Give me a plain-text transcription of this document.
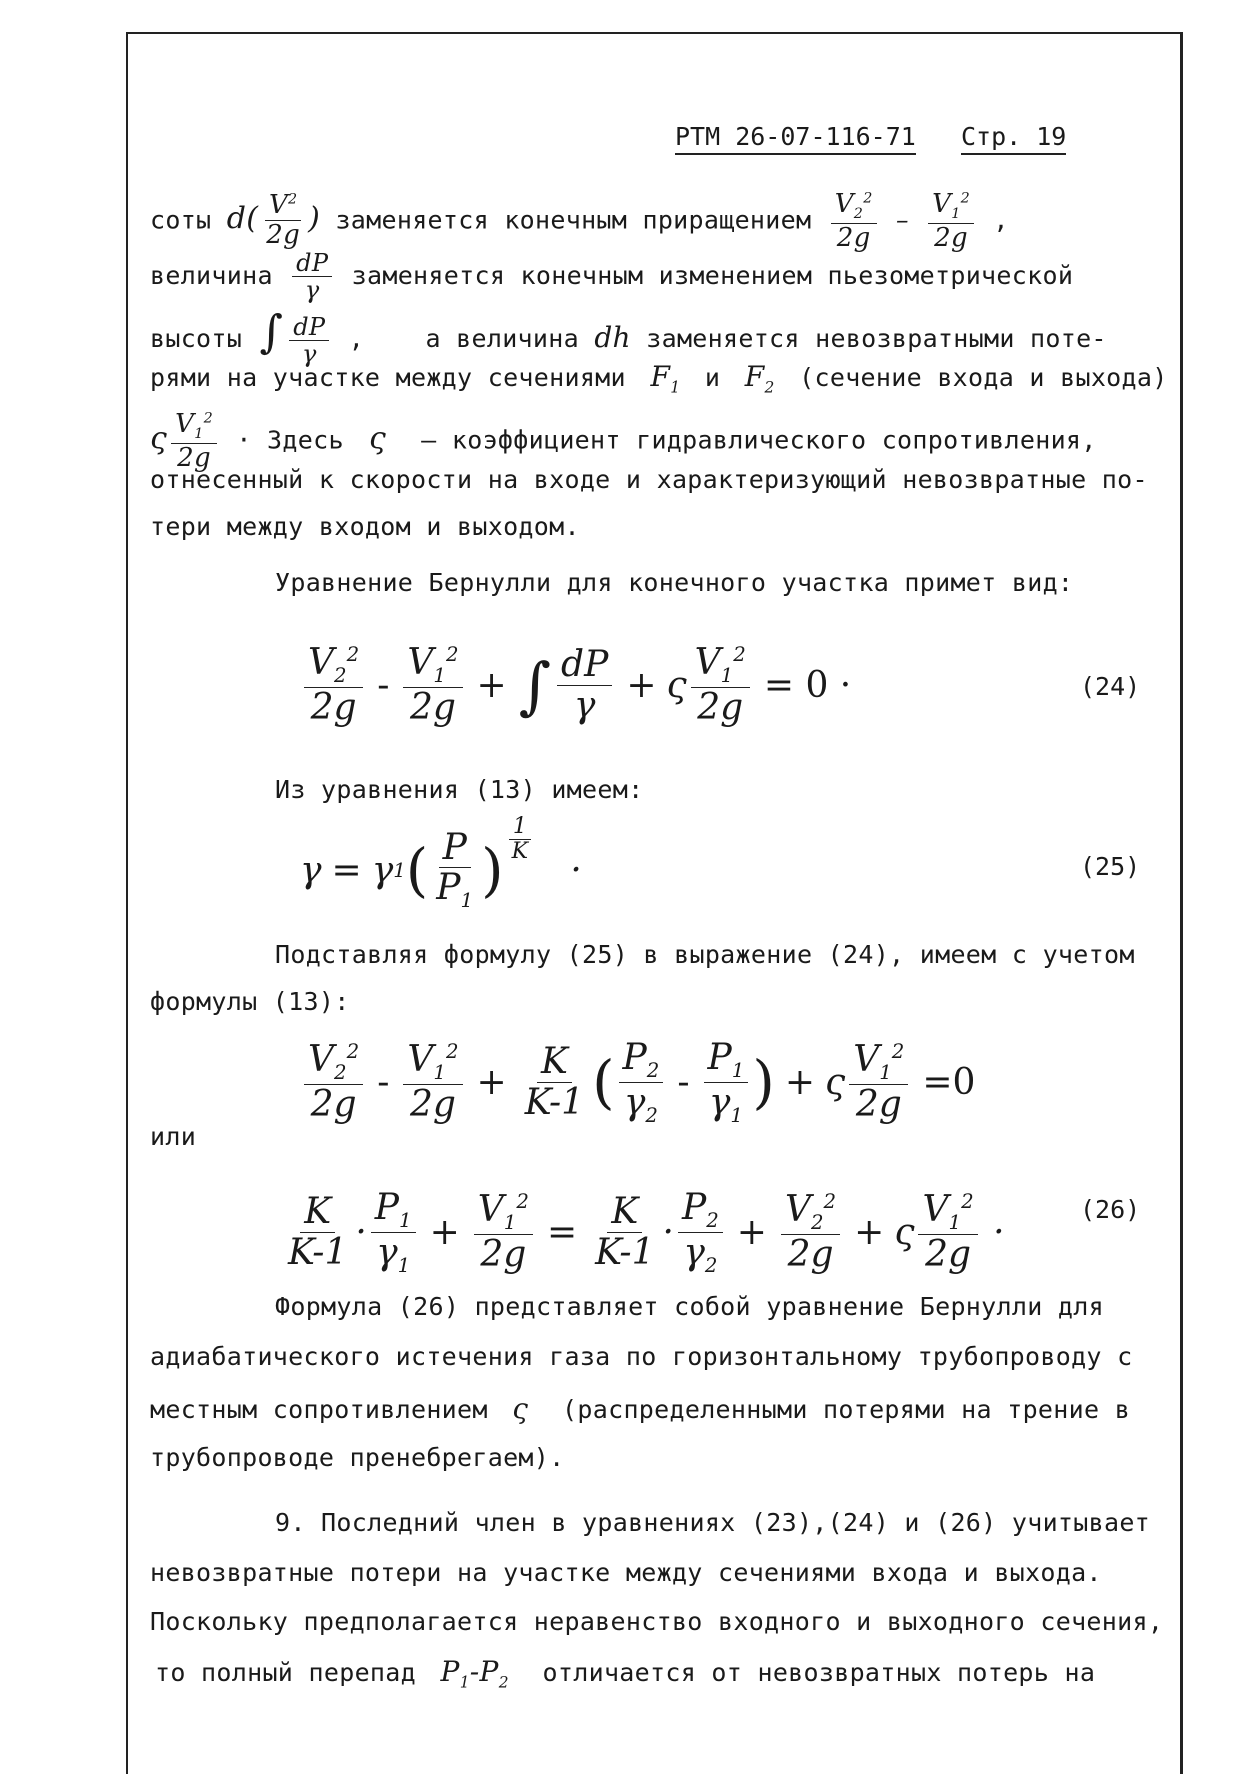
РТМ 26-07-116-71 Стр. 19
соты $d( \frac{V^2}{2g}$ ) заменяется конечным приращением $\frac{V_2^2}{2g} - \frac{V_1^2}{2g}$ ,
величина $\frac{dP}{\gamma}$ заменяется конечным изменением пьезометрической
высоты ∫ $\frac{dP}{\gamma}$ ,    а величина dh заменяется невозвратными поте-
рями на участке между сечениями  $F_1$ и  $F_2$ (сечение входа и выхода)
ς $\frac{V_1^2}{2g}$ · Здесь  ς   – коэффициент гидравлического сопротивления,
отнесенный к скорости на входе и характеризующий невозвратные по-
тери между входом и выходом.
Уравнение Бернулли для конечного участка примет вид:
$\frac{V_2^2}{2g} - \frac{V_1^2}{2g}$ + ∫ $\frac{dP}{\gamma} + \varsigma \frac{V_1^2}{2g} = 0$ ·	(24)
Из уравнения (13) имеем:
γ = γ 1 ( $\frac{P}{P_1}$ ) $\frac{1}{K}$
·	(25)
Подставляя формулу (25) в выражение (24), имеем с учетом
формулы (13):
$\frac{V_2^2}{2g} - \frac{V_1^2}{2g} + \frac{K}{K-1}$ ( $\frac{P_2}{\gamma_2} - \frac{P_1}{\gamma_1}$ ) + ς $\frac{V_1^2}{2g} =0$
или
$\frac{K}{K-1} \cdot \frac{P_1}{\gamma_1} + \frac{V_1^2}{2g} = \frac{K}{K-1} \cdot \frac{P_2}{\gamma_2} + \frac{V_2^2}{2g} + \varsigma \frac{V_1^2}{2g}$ ·
(26)
Формула (26) представляет собой уравнение Бернулли для
адиабатического истечения газа по горизонтальному трубопроводу с
местным сопротивлением  ς   (распределенными потерями на трение в
трубопроводе пренебрегаем).
9. Последний член в уравнениях (23),(24) и (26) учитывает
невозвратные потери на участке между сечениями входа и выхода.
Поскольку предполагается неравенство входного и выходного сечения,
то полный перепад  $P_1-P_2$ отличается от невозвратных потерь на
